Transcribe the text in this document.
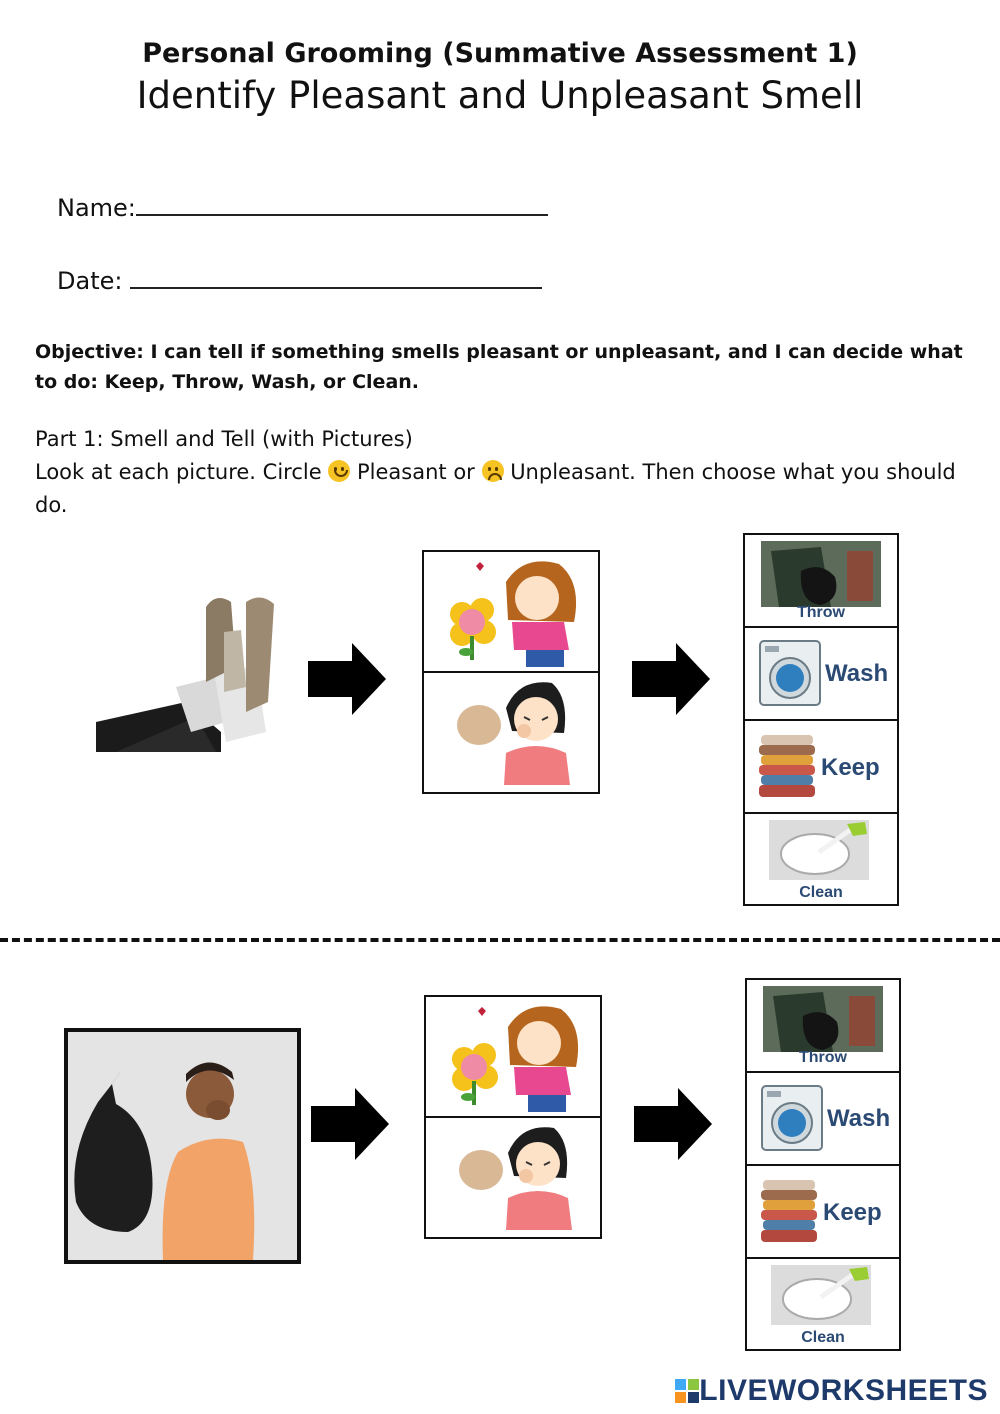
Personal Grooming (Summative Assessment 1)
Identify Pleasant and Unpleasant Smell
Name:
Date:
Objective: I can tell if something smells pleasant or unpleasant, and I can decide what to do: Keep, Throw, Wash, or Clean.
Part 1: Smell and Tell (with Pictures)
Look at each picture. Circle Pleasant or Unpleasant. Then choose what you should do.
Throw
Wash
Keep
Clean
Throw
Wash
Keep
Clean
LIVEWORKSHEETS
